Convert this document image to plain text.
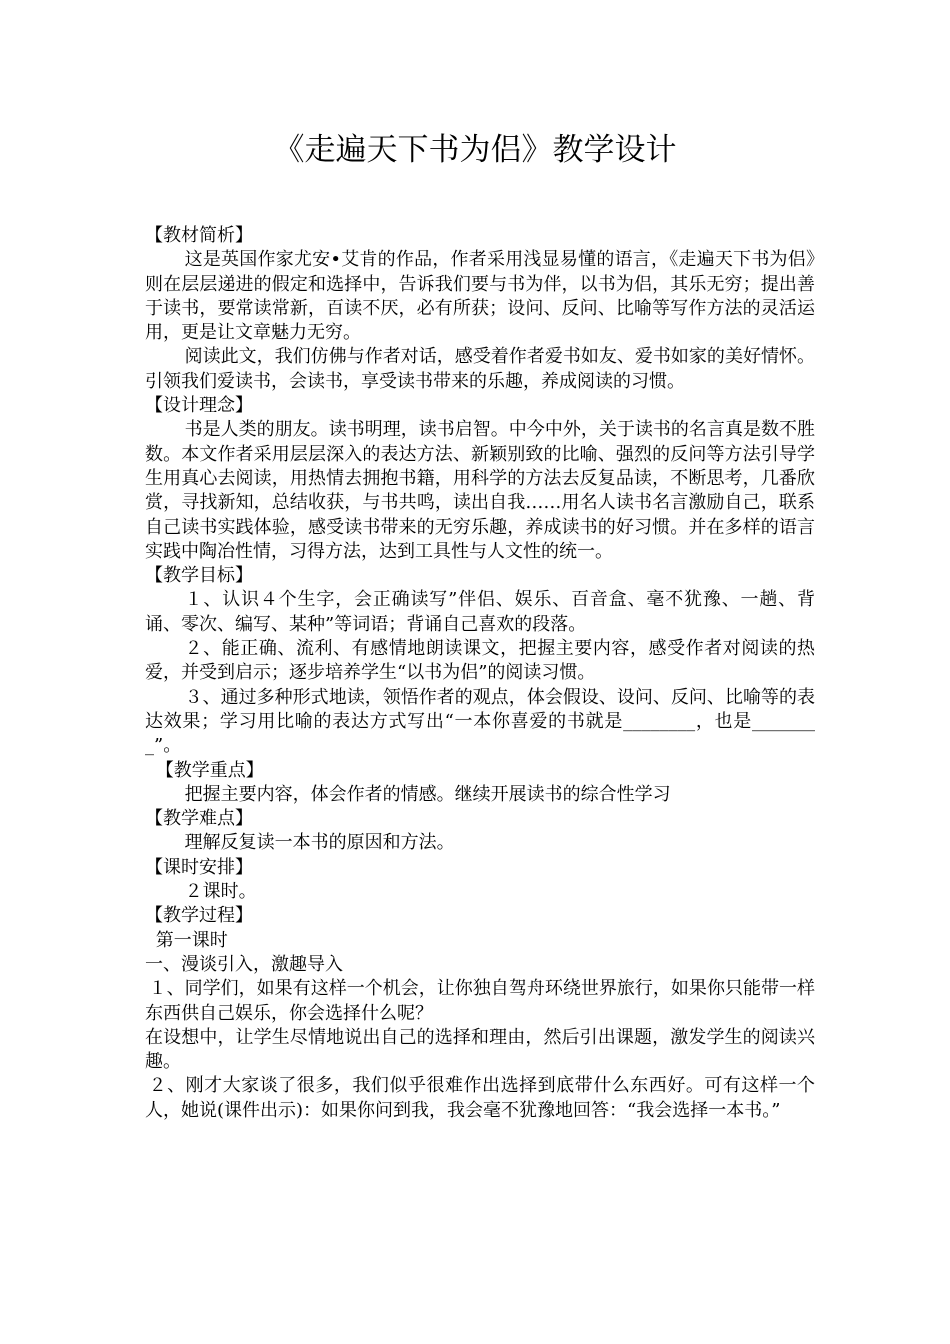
《走遍天下书为侣》教学设计

【教材简析】

这是英国作家尤安•艾肯的作品，作者采用浅显易懂的语言，《走遍天下书为侣》则在层层递进的假定和选择中，告诉我们要与书为伴，以书为侣，其乐无穷；提出善于读书，要常读常新，百读不厌，必有所获；设问、反问、比喻等写作方法的灵活运用，更是让文章魅力无穷。

阅读此文，我们仿佛与作者对话，感受着作者爱书如友、爱书如家的美好情怀。引领我们爱读书，会读书，享受读书带来的乐趣，养成阅读的习惯。

【设计理念】

书是人类的朋友。读书明理，读书启智。中今中外，关于读书的名言真是数不胜数。本文作者采用层层深入的表达方法、新颖别致的比喻、强烈的反问等方法引导学生用真心去阅读，用热情去拥抱书籍，用科学的方法去反复品读，不断思考，几番欣赏，寻找新知，总结收获，与书共鸣，读出自我……用名人读书名言激励自己，联系自己读书实践体验，感受读书带来的无穷乐趣，养成读书的好习惯。并在多样的语言实践中陶冶性情，习得方法，达到工具性与人文性的统一。

【教学目标】

１、认识４个生字，会正确读写”伴侣、娱乐、百音盒、毫不犹豫、一趟、背诵、零次、编写、某种”等词语；背诵自己喜欢的段落。

２、能正确、流利、有感情地朗读课文，把握主要内容，感受作者对阅读的热爱，并受到启示；逐步培养学生“以书为侣”的阅读习惯。

３、通过多种形式地读，领悟作者的观点，体会假设、设问、反问、比喻等的表达效果；学习用比喻的表达方式写出“一本你喜爱的书就是________，也是________”。

【教学重点】

把握主要内容，体会作者的情感。继续开展读书的综合性学习

【教学难点】

理解反复读一本书的原因和方法。

【课时安排】

２课时。

【教学过程】

第一课时

一、漫谈引入，激趣导入

１、同学们，如果有这样一个机会，让你独自驾舟环绕世界旅行，如果你只能带一样东西供自己娱乐，你会选择什么呢？

在设想中，让学生尽情地说出自己的选择和理由，然后引出课题，激发学生的阅读兴趣。

２、刚才大家谈了很多，我们似乎很难作出选择到底带什么东西好。可有这样一个人，她说(课件出示)：如果你问到我，我会毫不犹豫地回答：“我会选择一本书。”
